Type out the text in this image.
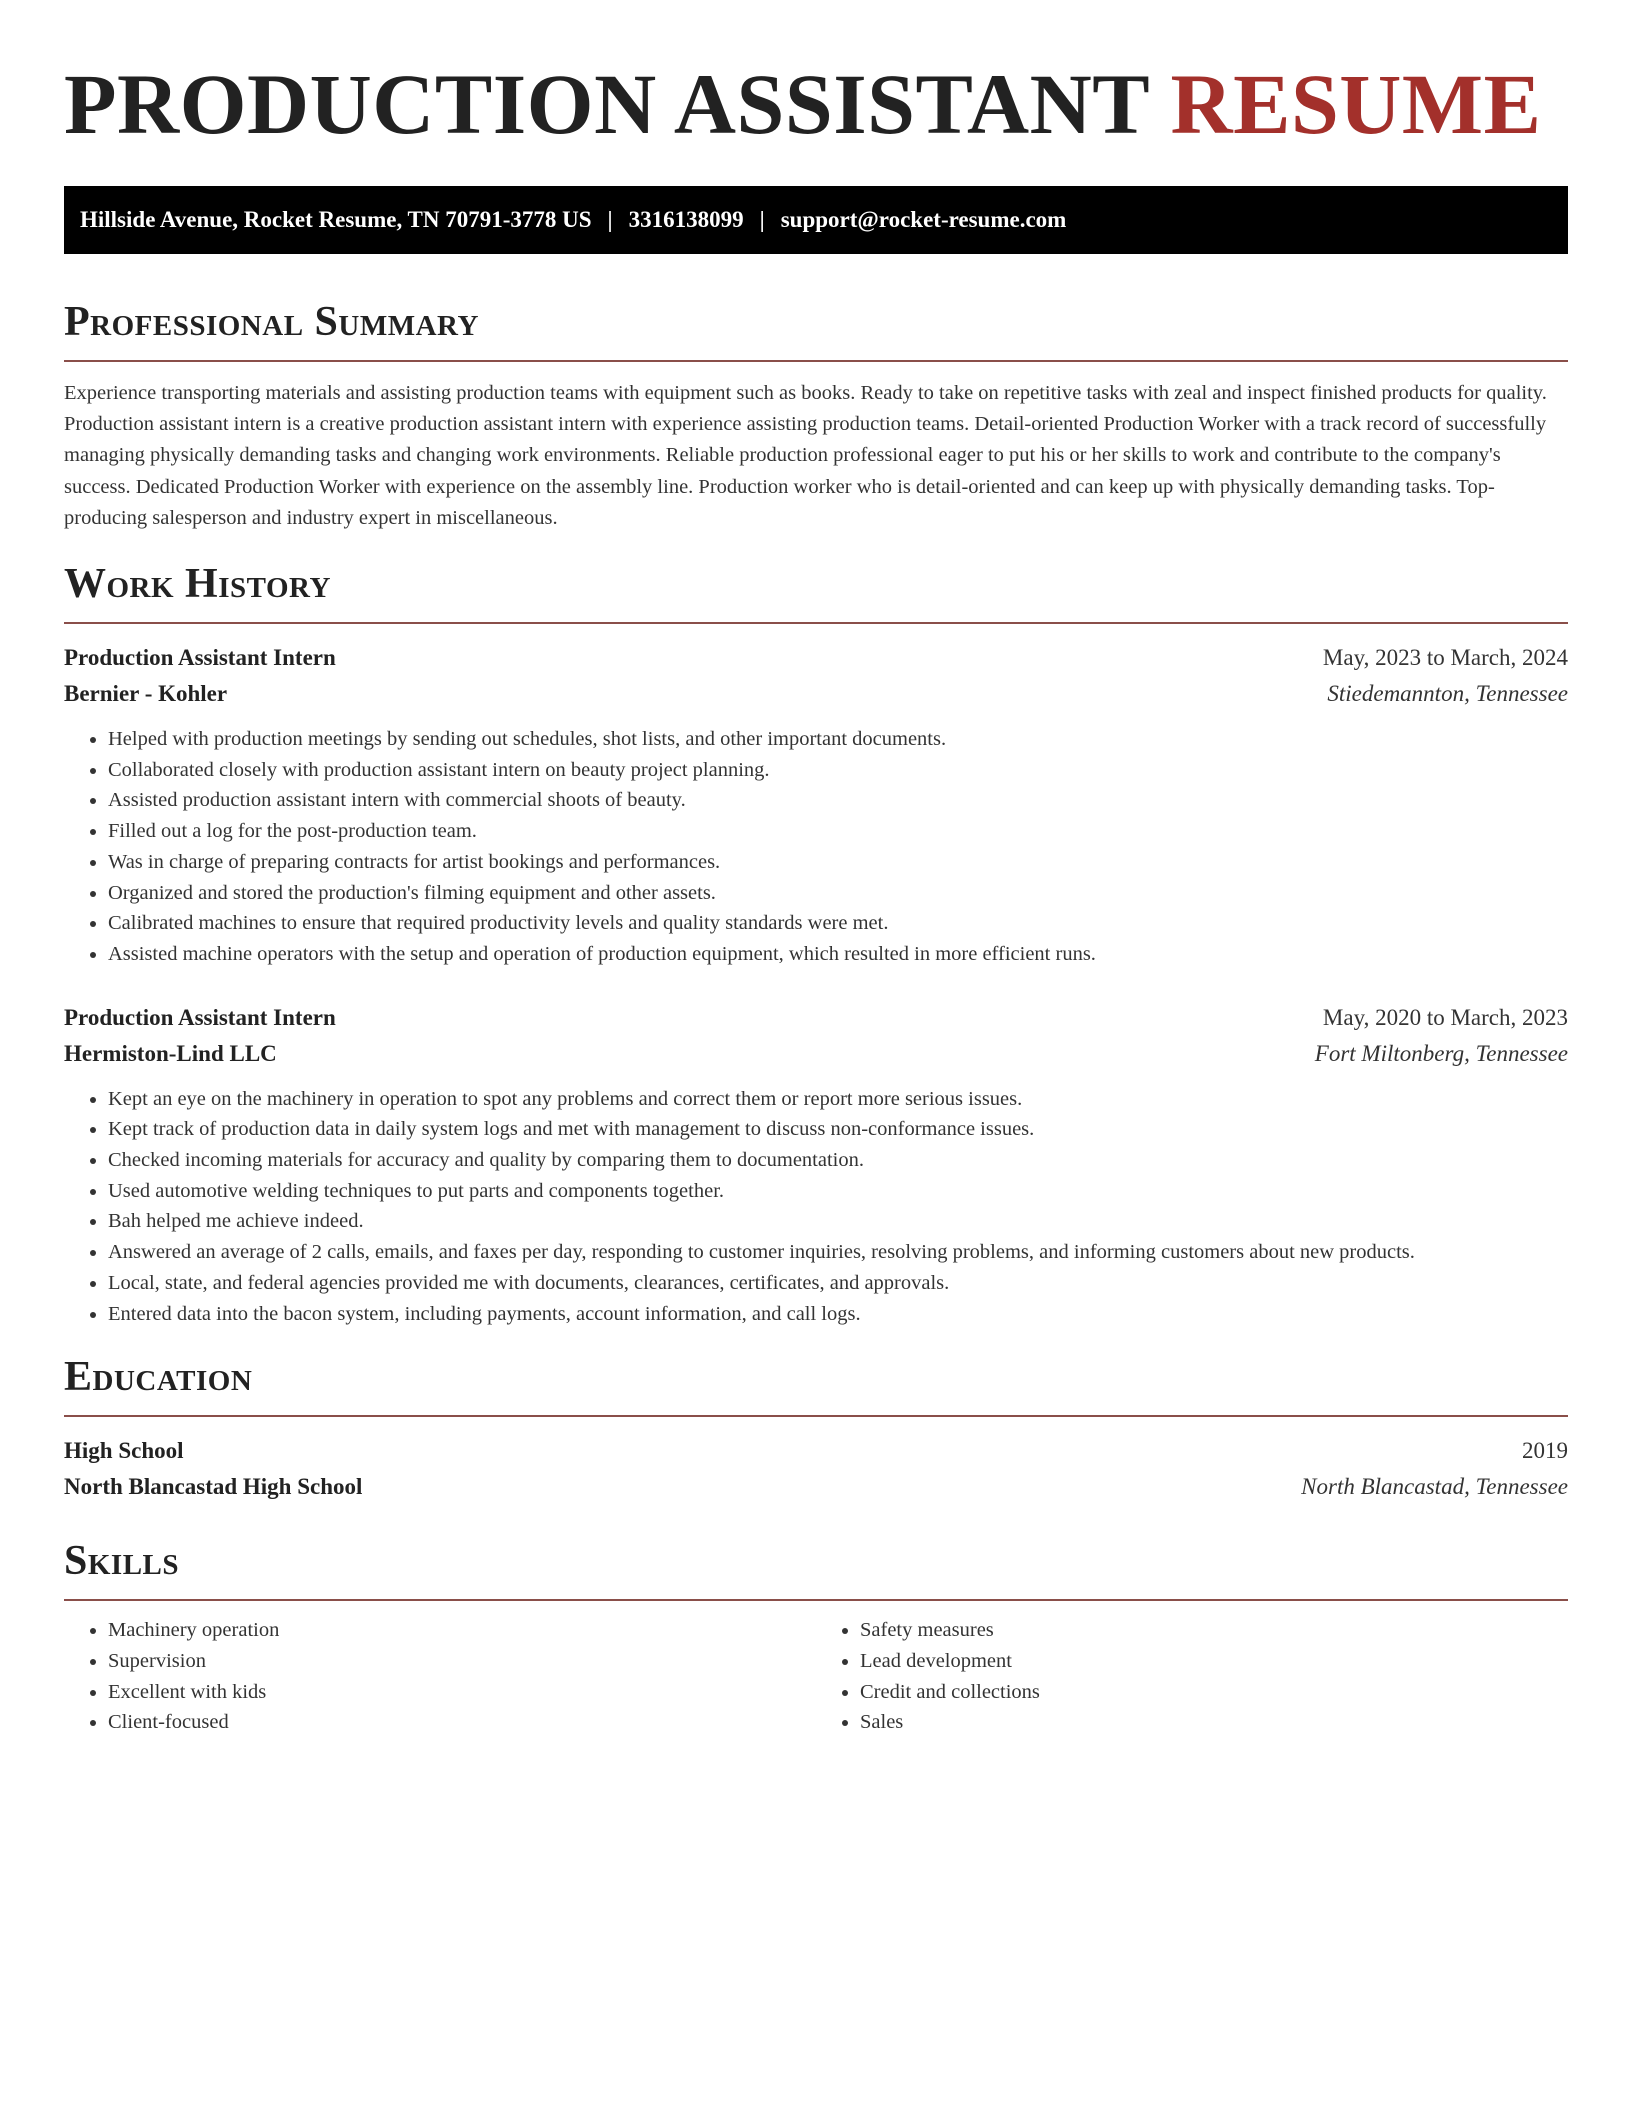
PRODUCTION ASSISTANT RESUME
Hillside Avenue, Rocket Resume, TN 70791-3778 US | 3316138099 | support@rocket-resume.com
Professional Summary

Experience transporting materials and assisting production teams with equipment such as books. Ready to take on repetitive tasks with zeal and inspect finished products for quality. Production assistant intern is a creative production assistant intern with experience assisting production teams. Detail-oriented Production Worker with a track record of successfully managing physically demanding tasks and changing work environments. Reliable production professional eager to put his or her skills to work and contribute to the company's success. Dedicated Production Worker with experience on the assembly line. Production worker who is detail-oriented and can keep up with physically demanding tasks. Top-producing salesperson and industry expert in miscellaneous.

Work History
Production Assistant Intern	May, 2023 to March, 2024
Bernier - Kohler	Stiedemannton, Tennessee
• Helped with production meetings by sending out schedules, shot lists, and other important documents.
• Collaborated closely with production assistant intern on beauty project planning.
• Assisted production assistant intern with commercial shoots of beauty.
• Filled out a log for the post-production team.
• Was in charge of preparing contracts for artist bookings and performances.
• Organized and stored the production's filming equipment and other assets.
• Calibrated machines to ensure that required productivity levels and quality standards were met.
• Assisted machine operators with the setup and operation of production equipment, which resulted in more efficient runs.
Production Assistant Intern	May, 2020 to March, 2023
Hermiston-Lind LLC	Fort Miltonberg, Tennessee
• Kept an eye on the machinery in operation to spot any problems and correct them or report more serious issues.
• Kept track of production data in daily system logs and met with management to discuss non-conformance issues.
• Checked incoming materials for accuracy and quality by comparing them to documentation.
• Used automotive welding techniques to put parts and components together.
• Bah helped me achieve indeed.
• Answered an average of 2 calls, emails, and faxes per day, responding to customer inquiries, resolving problems, and informing customers about new products.
• Local, state, and federal agencies provided me with documents, clearances, certificates, and approvals.
• Entered data into the bacon system, including payments, account information, and call logs.
Education
High School	2019
North Blancastad High School	North Blancastad, Tennessee
Skills
• Machinery operation
• Supervision
• Excellent with kids
• Client-focused
• Safety measures
• Lead development
• Credit and collections
• Sales
